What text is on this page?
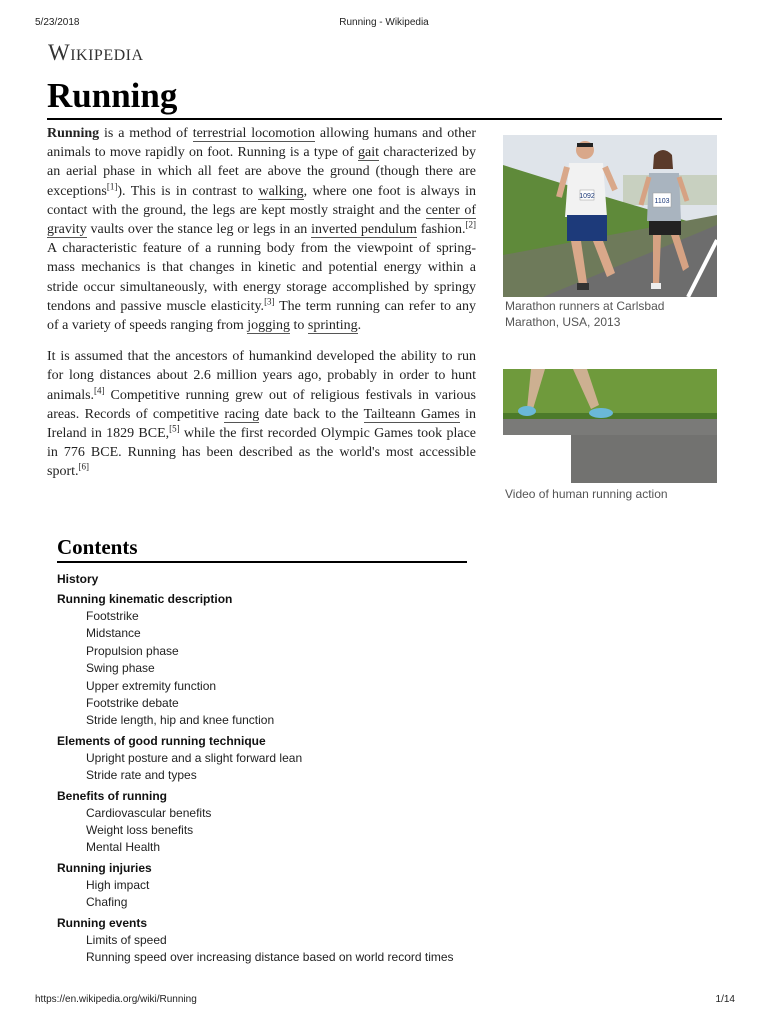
5/23/2018	Running - Wikipedia
Wikipedia
Running

Running is a method of terrestrial locomotion allowing humans and other animals to move rapidly on foot. Running is a type of gait characterized by an aerial phase in which all feet are above the ground (though there are exceptions[1]). This is in contrast to walking, where one foot is always in contact with the ground, the legs are kept mostly straight and the center of gravity vaults over the stance leg or legs in an inverted pendulum fashion.[2] A characteristic feature of a running body from the viewpoint of spring-mass mechanics is that changes in kinetic and potential energy within a stride occur simultaneously, with energy storage accomplished by springy tendons and passive muscle elasticity.[3] The term running can refer to any of a variety of speeds ranging from jogging to sprinting.

It is assumed that the ancestors of humankind developed the ability to run for long distances about 2.6 million years ago, probably in order to hunt animals.[4] Competitive running grew out of religious festivals in various areas. Records of competitive racing date back to the Tailteann Games in Ireland in 1829 BCE,[5] while the first recorded Olympic Games took place in 776 BCE. Running has been described as the world's most accessible sport.[6]

1092
1103
Marathon runners at Carlsbad Marathon, USA, 2013
Video of human running action
Contents
History
Running kinematic description
Footstrike
Midstance
Propulsion phase
Swing phase
Upper extremity function
Footstrike debate
Stride length, hip and knee function
Elements of good running technique
Upright posture and a slight forward lean
Stride rate and types
Benefits of running
Cardiovascular benefits
Weight loss benefits
Mental Health
Running injuries
High impact
Chafing
Running events
Limits of speed
Running speed over increasing distance based on world record times
https://en.wikipedia.org/wiki/Running	1/14
